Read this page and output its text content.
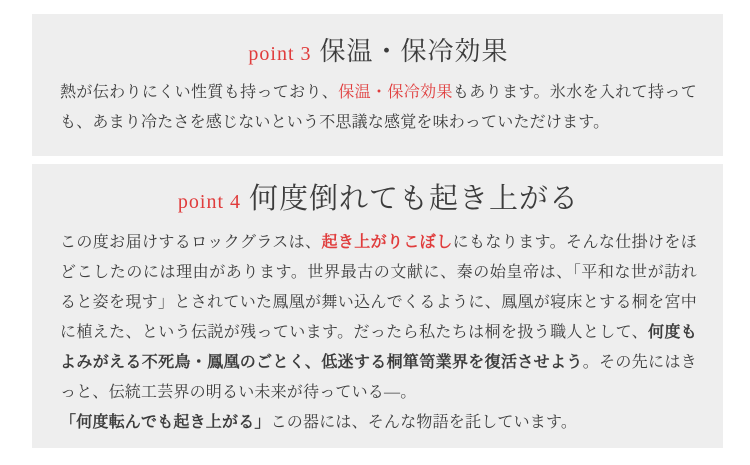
point 3 保温・保冷効果

熱が伝わりにくい性質も持っており、保温・保冷効果もあります。氷水を入れて持っても、あまり冷たさを感じないという不思議な感覚を味わっていただけます。

point 4 何度倒れても起き上がる

この度お届けするロックグラスは、起き上がりこぼしにもなります。そんな仕掛けをほどこしたのには理由があります。世界最古の文献に、秦の始皇帝は、「平和な世が訪れると姿を現す」とされていた鳳凰が舞い込んでくるように、鳳凰が寝床とする桐を宮中に植えた、という伝説が残っています。だったら私たちは桐を扱う職人として、何度もよみがえる不死鳥・鳳凰のごとく、低迷する桐箪笥業界を復活させよう。その先にはきっと、伝統工芸界の明るい未来が待っている―。
「何度転んでも起き上がる」この器には、そんな物語を託しています。
